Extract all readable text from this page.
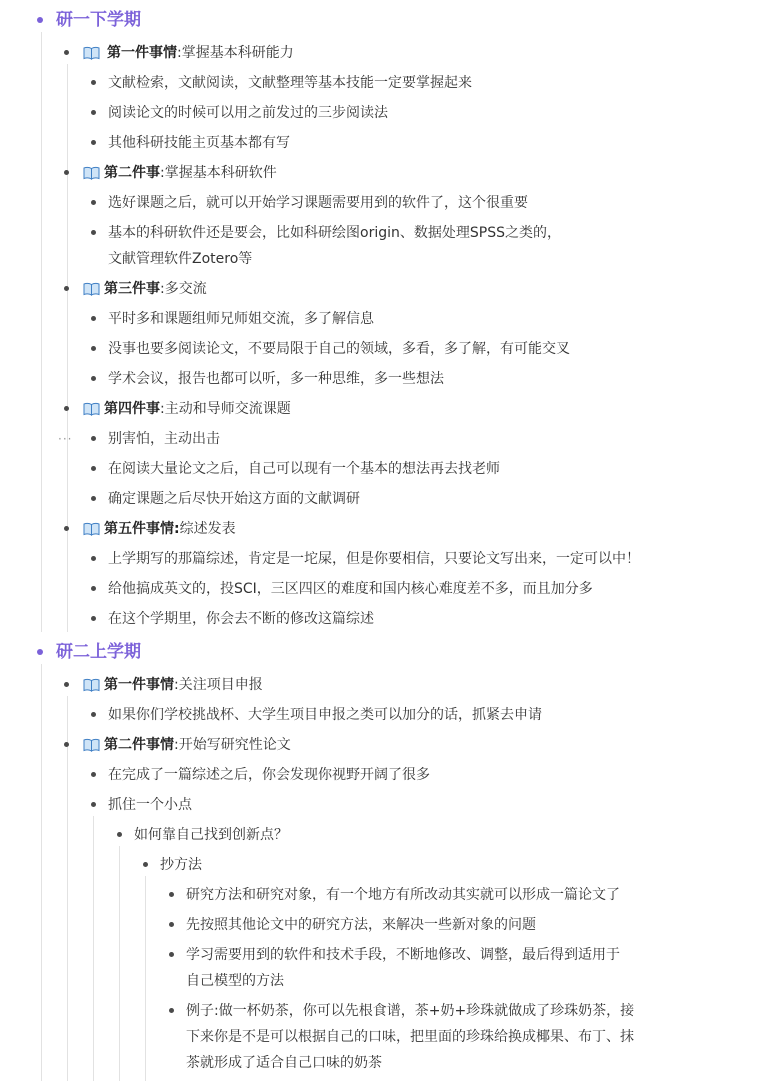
研一下学期
第一件事情:掌握基本科研能力
文献检索，文献阅读，文献整理等基本技能一定要掌握起来
阅读论文的时候可以用之前发过的三步阅读法
其他科研技能主页基本都有写
第二件事:掌握基本科研软件
选好课题之后，就可以开始学习课题需要用到的软件了，这个很重要
基本的科研软件还是要会，比如科研绘图origin、数据处理SPSS之类的，
文献管理软件Zotero等
第三件事:多交流
平时多和课题组师兄师姐交流，多了解信息
没事也要多阅读论文，不要局限于自己的领域，多看，多了解，有可能交叉
学术会议，报告也都可以听，多一种思维，多一些想法
第四件事:主动和导师交流课题
···	别害怕，主动出击
在阅读大量论文之后，自己可以现有一个基本的想法再去找老师
确定课题之后尽快开始这方面的文献调研
第五件事情:综述发表
上学期写的那篇综述，肯定是一坨屎，但是你要相信，只要论文写出来，一定可以中！
给他搞成英文的，投SCI，三区四区的难度和国内核心难度差不多，而且加分多
在这个学期里，你会去不断的修改这篇综述
研二上学期
第一件事情:关注项目申报
如果你们学校挑战杯、大学生项目申报之类可以加分的话，抓紧去申请
第二件事情:开始写研究性论文
在完成了一篇综述之后，你会发现你视野开阔了很多
抓住一个小点
如何靠自己找到创新点？
抄方法
研究方法和研究对象，有一个地方有所改动其实就可以形成一篇论文了
先按照其他论文中的研究方法，来解决一些新对象的问题
学习需要用到的软件和技术手段，不断地修改、调整，最后得到适用于
自己模型的方法
例子:做一杯奶茶，你可以先根食谱，茶+奶+珍珠就做成了珍珠奶茶，接
下来你是不是可以根据自己的口味，把里面的珍珠给换成椰果、布丁、抹
茶就形成了适合自己口味的奶茶
